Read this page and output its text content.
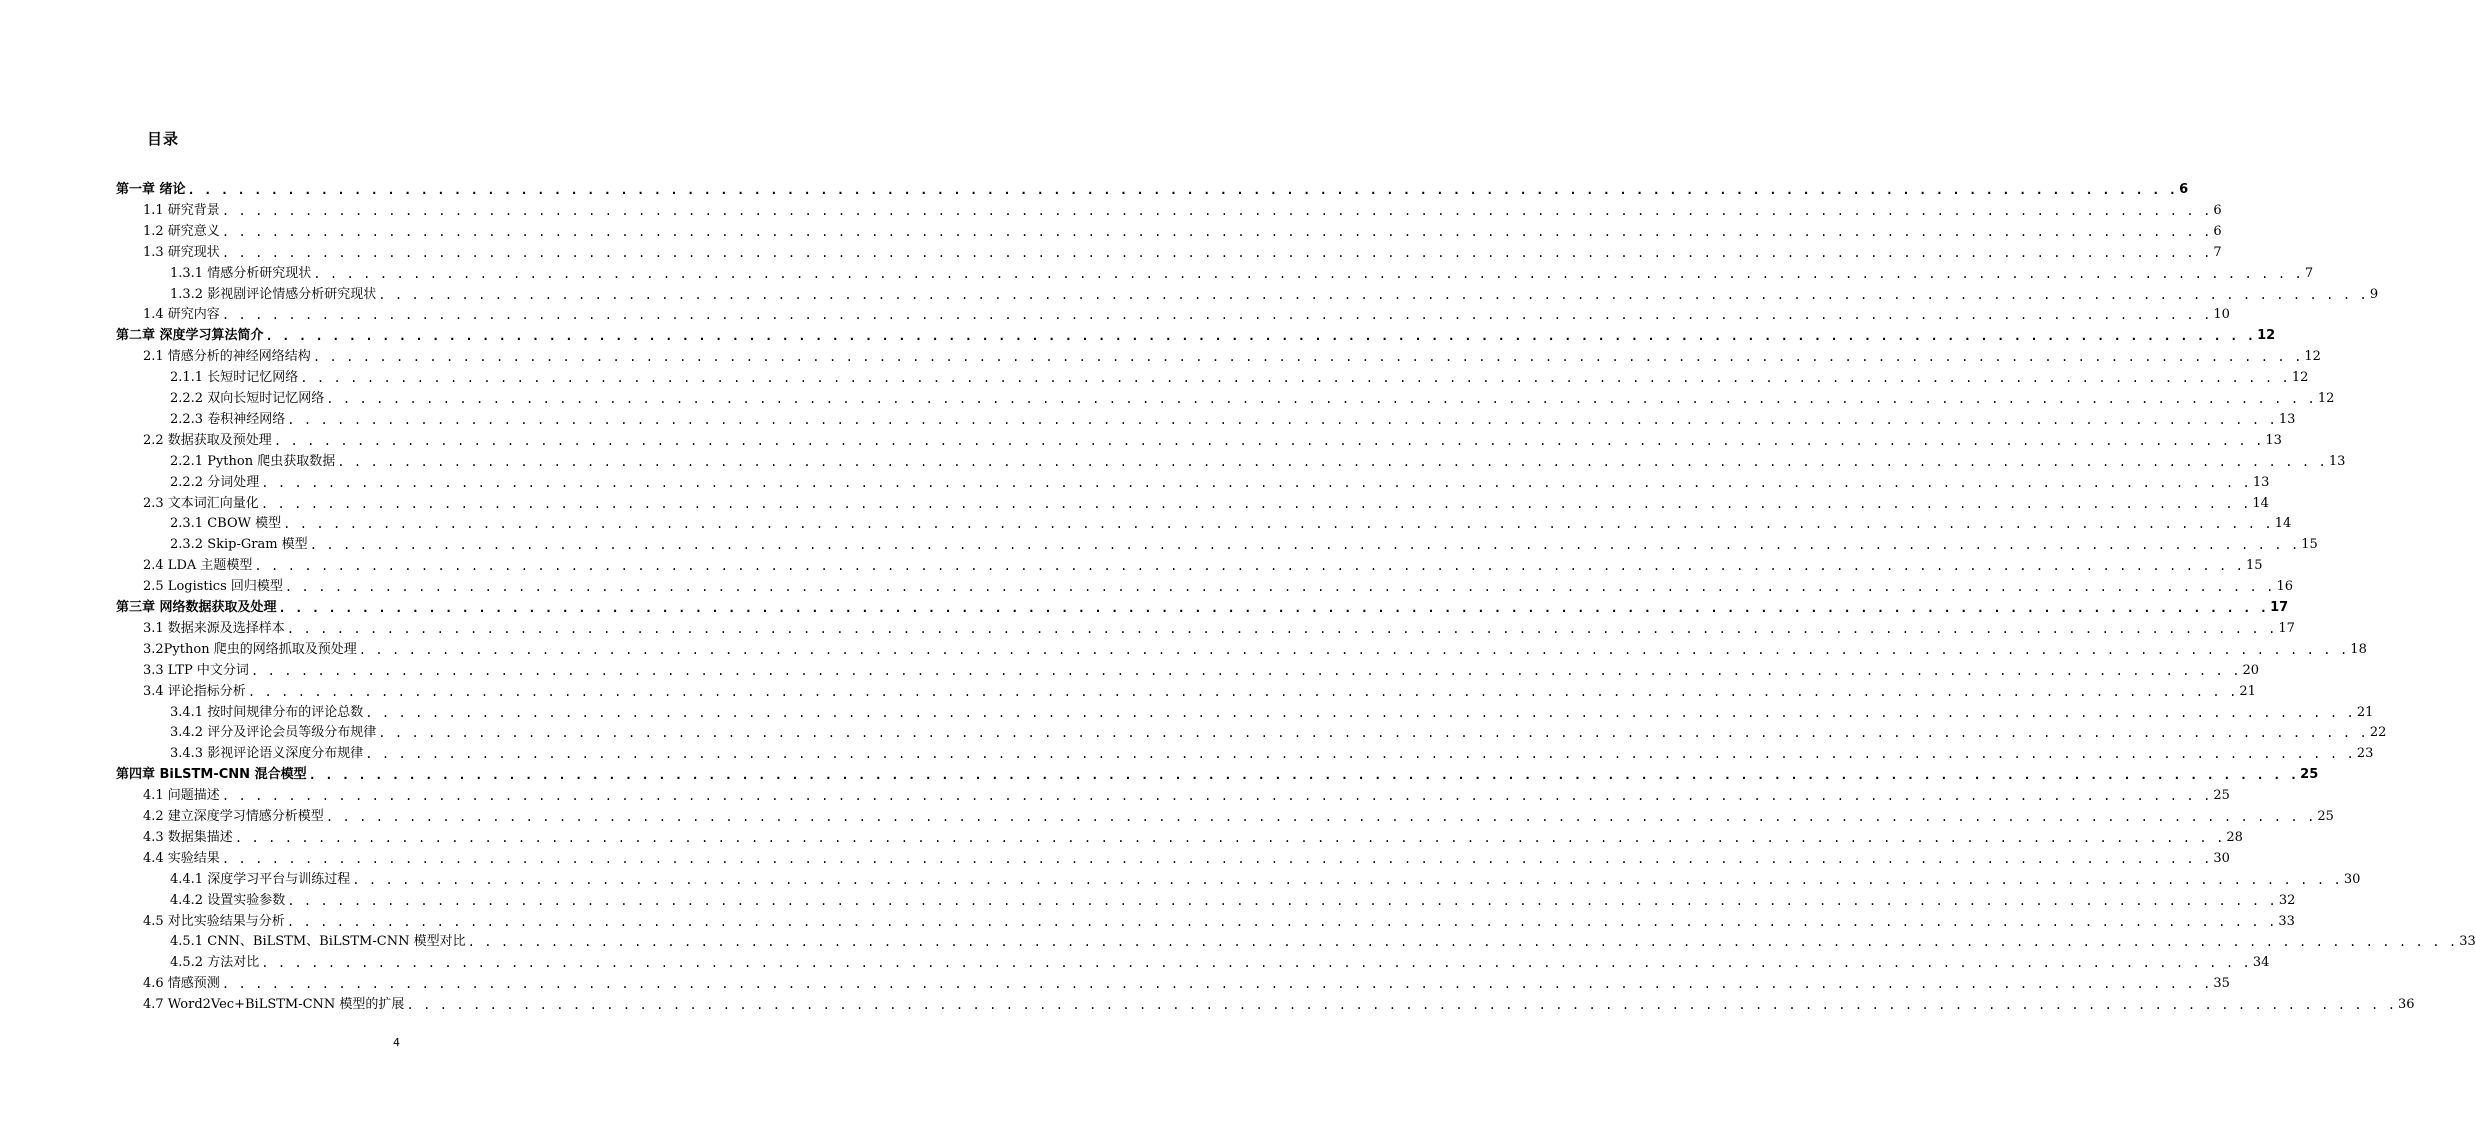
目录
第一章 绪论 . . . . . . . . . . . . . . . . . . . . . . . . . . . . . . . . . . . . . . . . . . . . . . . . . . . . . . . . . . . . . . . . . . . . . . . . . . . . . . . . . . . . . . . . . . . . . . . . . . . . . . . . . . . . . . . . . . . . . . . . 6
1.1 研究背景 . . . . . . . . . . . . . . . . . . . . . . . . . . . . . . . . . . . . . . . . . . . . . . . . . . . . . . . . . . . . . . . . . . . . . . . . . . . . . . . . . . . . . . . . . . . . . . . . . . . . . . . . . . . . . . . . . . . . . . . . 6
1.2 研究意义 . . . . . . . . . . . . . . . . . . . . . . . . . . . . . . . . . . . . . . . . . . . . . . . . . . . . . . . . . . . . . . . . . . . . . . . . . . . . . . . . . . . . . . . . . . . . . . . . . . . . . . . . . . . . . . . . . . . . . . . . 6
1.3 研究现状 . . . . . . . . . . . . . . . . . . . . . . . . . . . . . . . . . . . . . . . . . . . . . . . . . . . . . . . . . . . . . . . . . . . . . . . . . . . . . . . . . . . . . . . . . . . . . . . . . . . . . . . . . . . . . . . . . . . . . . . . 7
1.3.1 情感分析研究现状 . . . . . . . . . . . . . . . . . . . . . . . . . . . . . . . . . . . . . . . . . . . . . . . . . . . . . . . . . . . . . . . . . . . . . . . . . . . . . . . . . . . . . . . . . . . . . . . . . . . . . . . . . . . . . . . . . . . . . . . . 7
1.3.2 影视剧评论情感分析研究现状 . . . . . . . . . . . . . . . . . . . . . . . . . . . . . . . . . . . . . . . . . . . . . . . . . . . . . . . . . . . . . . . . . . . . . . . . . . . . . . . . . . . . . . . . . . . . . . . . . . . . . . . . . . . . . . . . . . . . . . . . 9
1.4 研究内容 . . . . . . . . . . . . . . . . . . . . . . . . . . . . . . . . . . . . . . . . . . . . . . . . . . . . . . . . . . . . . . . . . . . . . . . . . . . . . . . . . . . . . . . . . . . . . . . . . . . . . . . . . . . . . . . . . . . . . . . . 10
第二章 深度学习算法简介 . . . . . . . . . . . . . . . . . . . . . . . . . . . . . . . . . . . . . . . . . . . . . . . . . . . . . . . . . . . . . . . . . . . . . . . . . . . . . . . . . . . . . . . . . . . . . . . . . . . . . . . . . . . . . . . . . . . . . . . . 12
2.1 情感分析的神经网络结构 . . . . . . . . . . . . . . . . . . . . . . . . . . . . . . . . . . . . . . . . . . . . . . . . . . . . . . . . . . . . . . . . . . . . . . . . . . . . . . . . . . . . . . . . . . . . . . . . . . . . . . . . . . . . . . . . . . . . . . . . 12
2.1.1 长短时记忆网络 . . . . . . . . . . . . . . . . . . . . . . . . . . . . . . . . . . . . . . . . . . . . . . . . . . . . . . . . . . . . . . . . . . . . . . . . . . . . . . . . . . . . . . . . . . . . . . . . . . . . . . . . . . . . . . . . . . . . . . . . 12
2.2.2 双向长短时记忆网络 . . . . . . . . . . . . . . . . . . . . . . . . . . . . . . . . . . . . . . . . . . . . . . . . . . . . . . . . . . . . . . . . . . . . . . . . . . . . . . . . . . . . . . . . . . . . . . . . . . . . . . . . . . . . . . . . . . . . . . . . 12
2.2.3 卷积神经网络 . . . . . . . . . . . . . . . . . . . . . . . . . . . . . . . . . . . . . . . . . . . . . . . . . . . . . . . . . . . . . . . . . . . . . . . . . . . . . . . . . . . . . . . . . . . . . . . . . . . . . . . . . . . . . . . . . . . . . . . . 13
2.2 数据获取及预处理 . . . . . . . . . . . . . . . . . . . . . . . . . . . . . . . . . . . . . . . . . . . . . . . . . . . . . . . . . . . . . . . . . . . . . . . . . . . . . . . . . . . . . . . . . . . . . . . . . . . . . . . . . . . . . . . . . . . . . . . . 13
2.2.1 Python 爬虫获取数据 . . . . . . . . . . . . . . . . . . . . . . . . . . . . . . . . . . . . . . . . . . . . . . . . . . . . . . . . . . . . . . . . . . . . . . . . . . . . . . . . . . . . . . . . . . . . . . . . . . . . . . . . . . . . . . . . . . . . . . . . 13
2.2.2 分词处理 . . . . . . . . . . . . . . . . . . . . . . . . . . . . . . . . . . . . . . . . . . . . . . . . . . . . . . . . . . . . . . . . . . . . . . . . . . . . . . . . . . . . . . . . . . . . . . . . . . . . . . . . . . . . . . . . . . . . . . . . 13
2.3 文本词汇向量化 . . . . . . . . . . . . . . . . . . . . . . . . . . . . . . . . . . . . . . . . . . . . . . . . . . . . . . . . . . . . . . . . . . . . . . . . . . . . . . . . . . . . . . . . . . . . . . . . . . . . . . . . . . . . . . . . . . . . . . . . 14
2.3.1 CBOW 模型 . . . . . . . . . . . . . . . . . . . . . . . . . . . . . . . . . . . . . . . . . . . . . . . . . . . . . . . . . . . . . . . . . . . . . . . . . . . . . . . . . . . . . . . . . . . . . . . . . . . . . . . . . . . . . . . . . . . . . . . . 14
2.3.2 Skip-Gram 模型 . . . . . . . . . . . . . . . . . . . . . . . . . . . . . . . . . . . . . . . . . . . . . . . . . . . . . . . . . . . . . . . . . . . . . . . . . . . . . . . . . . . . . . . . . . . . . . . . . . . . . . . . . . . . . . . . . . . . . . . . 15
2.4 LDA 主题模型 . . . . . . . . . . . . . . . . . . . . . . . . . . . . . . . . . . . . . . . . . . . . . . . . . . . . . . . . . . . . . . . . . . . . . . . . . . . . . . . . . . . . . . . . . . . . . . . . . . . . . . . . . . . . . . . . . . . . . . . . 15
2.5 Logistics 回归模型 . . . . . . . . . . . . . . . . . . . . . . . . . . . . . . . . . . . . . . . . . . . . . . . . . . . . . . . . . . . . . . . . . . . . . . . . . . . . . . . . . . . . . . . . . . . . . . . . . . . . . . . . . . . . . . . . . . . . . . . . 16
第三章 网络数据获取及处理 . . . . . . . . . . . . . . . . . . . . . . . . . . . . . . . . . . . . . . . . . . . . . . . . . . . . . . . . . . . . . . . . . . . . . . . . . . . . . . . . . . . . . . . . . . . . . . . . . . . . . . . . . . . . . . . . . . . . . . . . 17
3.1 数据来源及选择样本 . . . . . . . . . . . . . . . . . . . . . . . . . . . . . . . . . . . . . . . . . . . . . . . . . . . . . . . . . . . . . . . . . . . . . . . . . . . . . . . . . . . . . . . . . . . . . . . . . . . . . . . . . . . . . . . . . . . . . . . . 17
3.2Python 爬虫的网络抓取及预处理 . . . . . . . . . . . . . . . . . . . . . . . . . . . . . . . . . . . . . . . . . . . . . . . . . . . . . . . . . . . . . . . . . . . . . . . . . . . . . . . . . . . . . . . . . . . . . . . . . . . . . . . . . . . . . . . . . . . . . . . . 18
3.3 LTP 中文分词 . . . . . . . . . . . . . . . . . . . . . . . . . . . . . . . . . . . . . . . . . . . . . . . . . . . . . . . . . . . . . . . . . . . . . . . . . . . . . . . . . . . . . . . . . . . . . . . . . . . . . . . . . . . . . . . . . . . . . . . . 20
3.4 评论指标分析 . . . . . . . . . . . . . . . . . . . . . . . . . . . . . . . . . . . . . . . . . . . . . . . . . . . . . . . . . . . . . . . . . . . . . . . . . . . . . . . . . . . . . . . . . . . . . . . . . . . . . . . . . . . . . . . . . . . . . . . . 21
3.4.1 按时间规律分布的评论总数 . . . . . . . . . . . . . . . . . . . . . . . . . . . . . . . . . . . . . . . . . . . . . . . . . . . . . . . . . . . . . . . . . . . . . . . . . . . . . . . . . . . . . . . . . . . . . . . . . . . . . . . . . . . . . . . . . . . . . . . . 21
3.4.2 评分及评论会员等级分布规律 . . . . . . . . . . . . . . . . . . . . . . . . . . . . . . . . . . . . . . . . . . . . . . . . . . . . . . . . . . . . . . . . . . . . . . . . . . . . . . . . . . . . . . . . . . . . . . . . . . . . . . . . . . . . . . . . . . . . . . . . 22
3.4.3 影视评论语义深度分布规律 . . . . . . . . . . . . . . . . . . . . . . . . . . . . . . . . . . . . . . . . . . . . . . . . . . . . . . . . . . . . . . . . . . . . . . . . . . . . . . . . . . . . . . . . . . . . . . . . . . . . . . . . . . . . . . . . . . . . . . . . 23
第四章 BiLSTM-CNN 混合模型 . . . . . . . . . . . . . . . . . . . . . . . . . . . . . . . . . . . . . . . . . . . . . . . . . . . . . . . . . . . . . . . . . . . . . . . . . . . . . . . . . . . . . . . . . . . . . . . . . . . . . . . . . . . . . . . . . . . . . . . . 25
4.1 问题描述 . . . . . . . . . . . . . . . . . . . . . . . . . . . . . . . . . . . . . . . . . . . . . . . . . . . . . . . . . . . . . . . . . . . . . . . . . . . . . . . . . . . . . . . . . . . . . . . . . . . . . . . . . . . . . . . . . . . . . . . . 25
4.2 建立深度学习情感分析模型 . . . . . . . . . . . . . . . . . . . . . . . . . . . . . . . . . . . . . . . . . . . . . . . . . . . . . . . . . . . . . . . . . . . . . . . . . . . . . . . . . . . . . . . . . . . . . . . . . . . . . . . . . . . . . . . . . . . . . . . . 25
4.3 数据集描述 . . . . . . . . . . . . . . . . . . . . . . . . . . . . . . . . . . . . . . . . . . . . . . . . . . . . . . . . . . . . . . . . . . . . . . . . . . . . . . . . . . . . . . . . . . . . . . . . . . . . . . . . . . . . . . . . . . . . . . . . 28
4.4 实验结果 . . . . . . . . . . . . . . . . . . . . . . . . . . . . . . . . . . . . . . . . . . . . . . . . . . . . . . . . . . . . . . . . . . . . . . . . . . . . . . . . . . . . . . . . . . . . . . . . . . . . . . . . . . . . . . . . . . . . . . . . 30
4.4.1 深度学习平台与训练过程 . . . . . . . . . . . . . . . . . . . . . . . . . . . . . . . . . . . . . . . . . . . . . . . . . . . . . . . . . . . . . . . . . . . . . . . . . . . . . . . . . . . . . . . . . . . . . . . . . . . . . . . . . . . . . . . . . . . . . . . . 30
4.4.2 设置实验参数 . . . . . . . . . . . . . . . . . . . . . . . . . . . . . . . . . . . . . . . . . . . . . . . . . . . . . . . . . . . . . . . . . . . . . . . . . . . . . . . . . . . . . . . . . . . . . . . . . . . . . . . . . . . . . . . . . . . . . . . . 32
4.5 对比实验结果与分析 . . . . . . . . . . . . . . . . . . . . . . . . . . . . . . . . . . . . . . . . . . . . . . . . . . . . . . . . . . . . . . . . . . . . . . . . . . . . . . . . . . . . . . . . . . . . . . . . . . . . . . . . . . . . . . . . . . . . . . . . 33
4.5.1 CNN、BiLSTM、BiLSTM-CNN 模型对比 . . . . . . . . . . . . . . . . . . . . . . . . . . . . . . . . . . . . . . . . . . . . . . . . . . . . . . . . . . . . . . . . . . . . . . . . . . . . . . . . . . . . . . . . . . . . . . . . . . . . . . . . . . . . . . . . . . . . . . . . 33
4.5.2 方法对比 . . . . . . . . . . . . . . . . . . . . . . . . . . . . . . . . . . . . . . . . . . . . . . . . . . . . . . . . . . . . . . . . . . . . . . . . . . . . . . . . . . . . . . . . . . . . . . . . . . . . . . . . . . . . . . . . . . . . . . . . 34
4.6 情感预测 . . . . . . . . . . . . . . . . . . . . . . . . . . . . . . . . . . . . . . . . . . . . . . . . . . . . . . . . . . . . . . . . . . . . . . . . . . . . . . . . . . . . . . . . . . . . . . . . . . . . . . . . . . . . . . . . . . . . . . . . 35
4.7 Word2Vec+BiLSTM-CNN 模型的扩展 . . . . . . . . . . . . . . . . . . . . . . . . . . . . . . . . . . . . . . . . . . . . . . . . . . . . . . . . . . . . . . . . . . . . . . . . . . . . . . . . . . . . . . . . . . . . . . . . . . . . . . . . . . . . . . . . . . . . . . . . 36
4
